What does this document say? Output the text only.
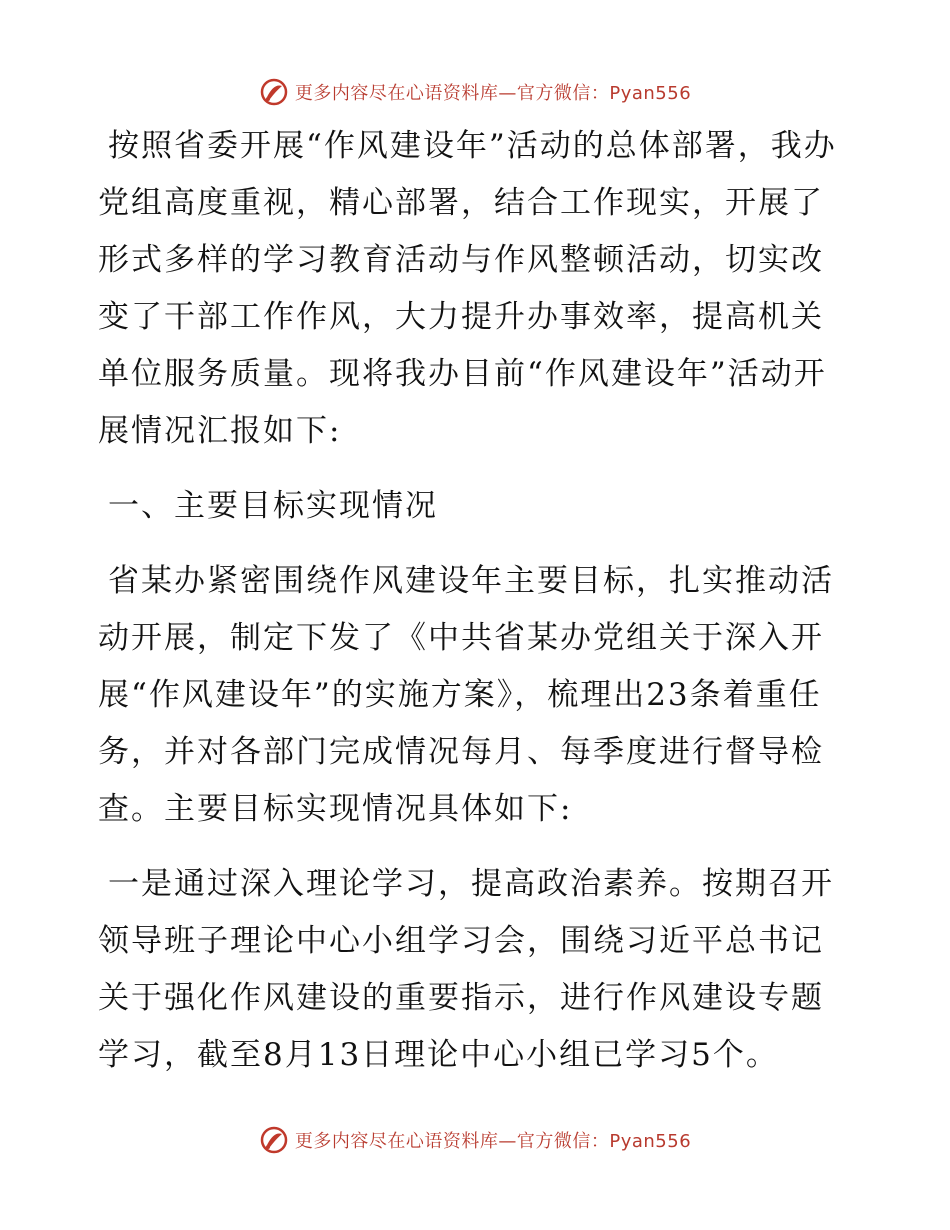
更多内容尽在心语资料库—官方微信：Pyan556

按照省委开展“作风建设年”活动的总体部署，我办党组高度重视，精心部署，结合工作现实，开展了形式多样的学习教育活动与作风整顿活动，切实改变了干部工作作风，大力提升办事效率，提高机关单位服务质量。现将我办目前“作风建设年”活动开展情况汇报如下:

一、主要目标实现情况

省某办紧密围绕作风建设年主要目标，扎实推动活动开展，制定下发了《中共省某办党组关于深入开展“作风建设年”的实施方案》，梳理出23条着重任务，并对各部门完成情况每月、每季度进行督导检查。主要目标实现情况具体如下:

一是通过深入理论学习，提高政治素养。按期召开领导班子理论中心小组学习会，围绕习近平总书记关于强化作风建设的重要指示，进行作风建设专题学习，截至8月13日理论中心小组已学习5个。

更多内容尽在心语资料库—官方微信：Pyan556
